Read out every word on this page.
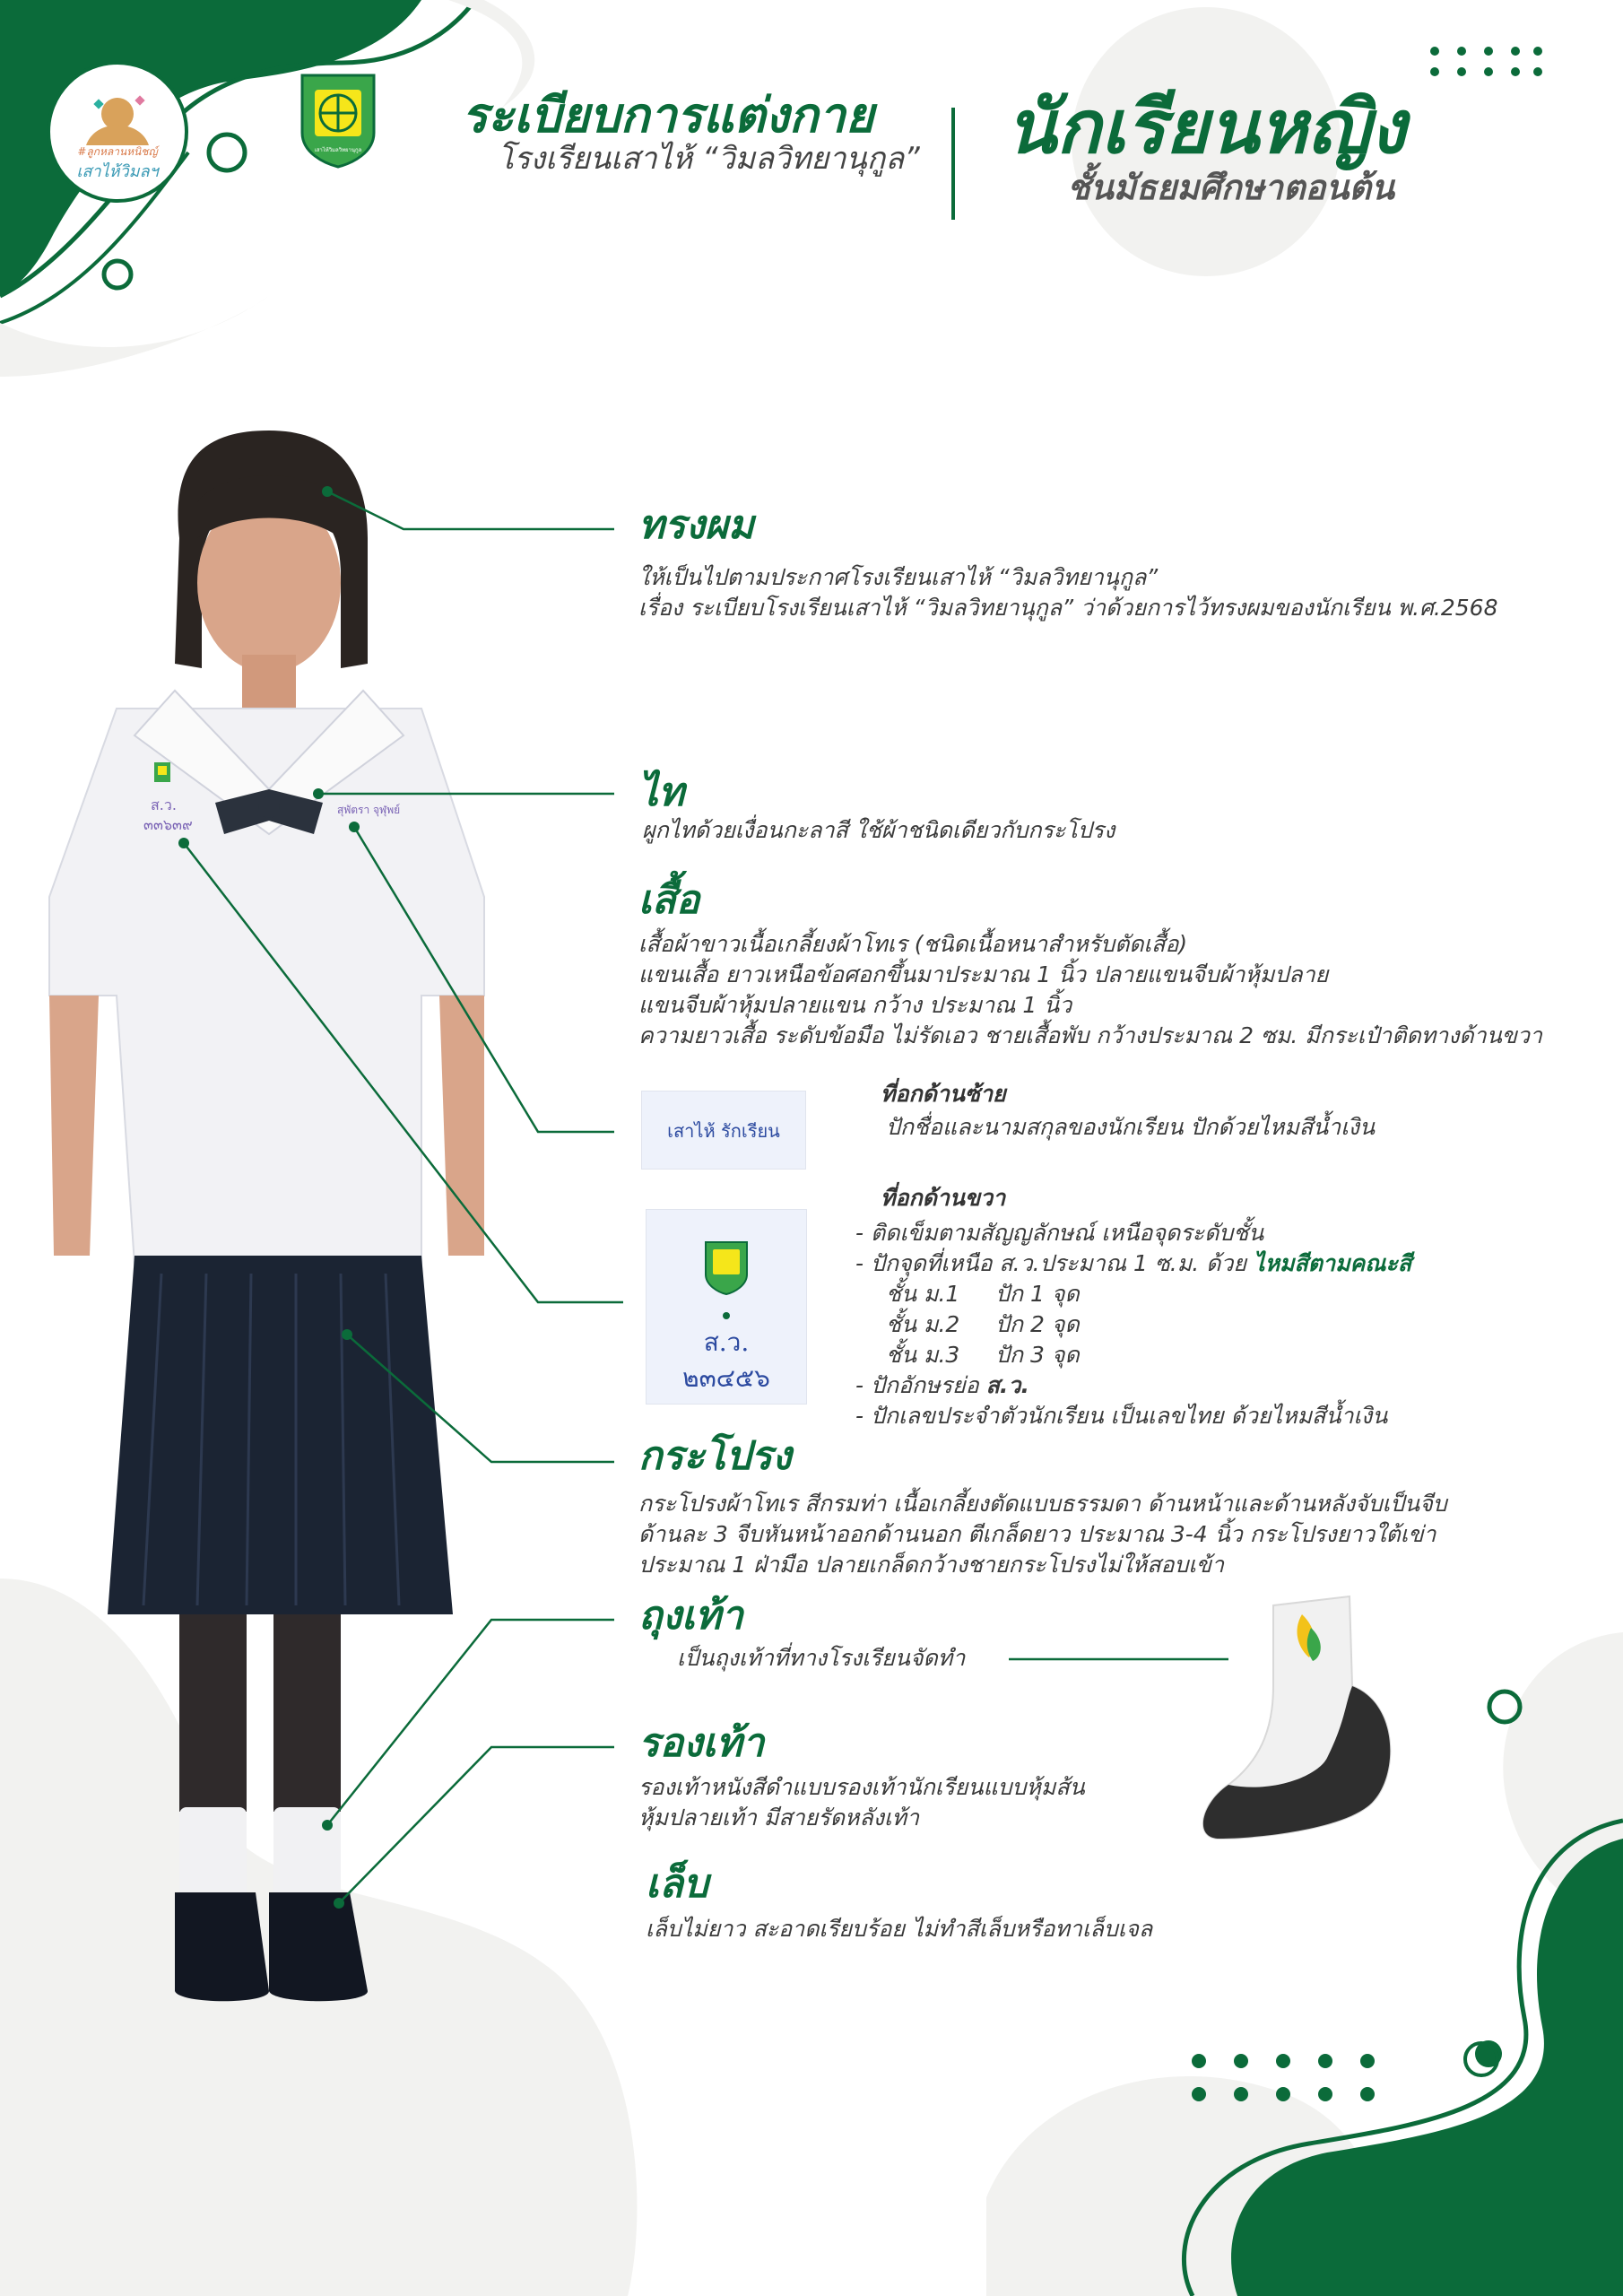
#ลูกหลานหนิชญ์
เสาไห้วิมลฯ
เสาไห้วิมลวิทยานุกูล
ระเบียบการแต่งกาย
โรงเรียนเสาไห้ “วิมลวิทยานุกูล” นักเรียนหญิง
ชั้นมัธยมศึกษาตอนต้น
ส.ว.
๓๓๖๓๙
สุพัตรา จุฬุพย์
ทรงผม
ให้เป็นไปตามประกาศโรงเรียนเสาไห้ “วิมลวิทยานุกูล”
เรื่อง ระเบียบโรงเรียนเสาไห้ “วิมลวิทยานุกูล” ว่าด้วยการไว้ทรงผมของนักเรียน พ.ศ.2568
ไท
ผูกไทด้วยเงื่อนกะลาสี ใช้ผ้าชนิดเดียวกับกระโปรง
เสื้อ
เสื้อผ้าขาวเนื้อเกลี้ยงผ้าโทเร (ชนิดเนื้อหนาสำหรับตัดเสื้อ)
แขนเสื้อ ยาวเหนือข้อศอกขึ้นมาประมาณ 1 นิ้ว ปลายแขนจีบผ้าหุ้มปลาย
แขนจีบผ้าหุ้มปลายแขน กว้าง ประมาณ 1 นิ้ว
ความยาวเสื้อ ระดับข้อมือ ไม่รัดเอว ชายเสื้อพับ กว้างประมาณ 2 ซม. มีกระเป๋าติดทางด้านขวา
เสาไห้ รักเรียน
ที่อกด้านซ้าย
ปักชื่อและนามสกุลของนักเรียน ปักด้วยไหมสีน้ำเงิน
ส.ว.
๒๓๔๕๖
ที่อกด้านขวา
- ติดเข็มตามสัญญลักษณ์ เหนือจุดระดับชั้น
- ปักจุดที่เหนือ ส.ว.ประมาณ 1 ซ.ม. ด้วย ไหมสีตามคณะสี
ชั้น ม.1 ปัก 1 จุด
ชั้น ม.2 ปัก 2 จุด
ชั้น ม.3 ปัก 3 จุด
- ปักอักษรย่อ ส.ว.
- ปักเลขประจำตัวนักเรียน เป็นเลขไทย ด้วยไหมสีน้ำเงิน
กระโปรง
กระโปรงผ้าโทเร สีกรมท่า เนื้อเกลี้ยงตัดแบบธรรมดา ด้านหน้าและด้านหลังจับเป็นจีบ
ด้านละ 3 จีบหันหน้าออกด้านนอก ตีเกล็ดยาว ประมาณ 3-4 นิ้ว กระโปรงยาวใต้เข่า
ประมาณ 1 ฝ่ามือ ปลายเกล็ดกว้างชายกระโปรงไม่ให้สอบเข้า
ถุงเท้า
เป็นถุงเท้าที่ทางโรงเรียนจัดทำ
รองเท้า
รองเท้าหนังสีดำแบบรองเท้านักเรียนแบบหุ้มส้น
หุ้มปลายเท้า มีสายรัดหลังเท้า
เล็บ
เล็บไม่ยาว สะอาดเรียบร้อย ไม่ทำสีเล็บหรือทาเล็บเจล
